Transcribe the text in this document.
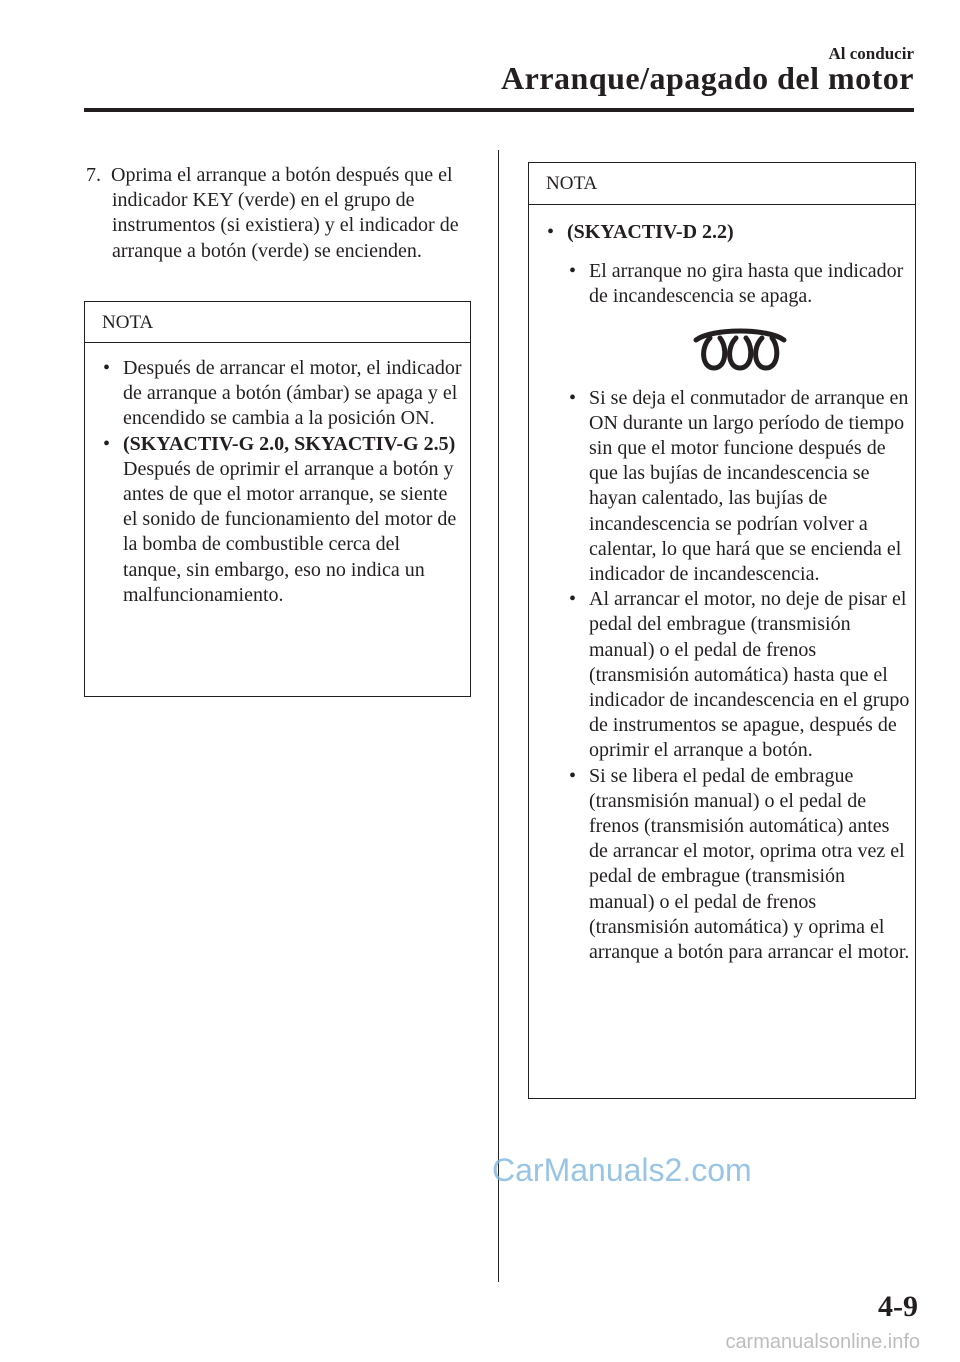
Al conducir
Arranque/apagado del motor
7. Oprima el arranque a botón después que el indicador KEY (verde) en el grupo de instrumentos (si existiera) y el indicador de arranque a botón (verde) se encienden.
NOTA
• Después de arrancar el motor, el indicador de arranque a botón (ámbar) se apaga y el encendido se cambia a la posición ON.
• (SKYACTIV-G 2.0, SKYACTIV-G 2.5)
Después de oprimir el arranque a botón y antes de que el motor arranque, se siente el sonido de funcionamiento del motor de la bomba de combustible cerca del tanque, sin embargo, eso no indica un malfuncionamiento.
NOTA
• (SKYACTIV-D 2.2)
• El arranque no gira hasta que indicador de incandescencia se apaga.
• Si se deja el conmutador de arranque en ON durante un largo período de tiempo sin que el motor funcione después de que las bujías de incandescencia se hayan calentado, las bujías de incandescencia se podrían volver a calentar, lo que hará que se encienda el indicador de incandescencia.
• Al arrancar el motor, no deje de pisar el pedal del embrague (transmisión manual) o el pedal de frenos (transmisión automática) hasta que el indicador de incandescencia en el grupo de instrumentos se apague, después de oprimir el arranque a botón.
• Si se libera el pedal de embrague (transmisión manual) o el pedal de frenos (transmisión automática) antes de arrancar el motor, oprima otra vez el pedal de embrague (transmisión manual) o el pedal de frenos (transmisión automática) y oprima el arranque a botón para arrancar el motor.
CarManuals2.com
4-9
carmanualsonline.info
